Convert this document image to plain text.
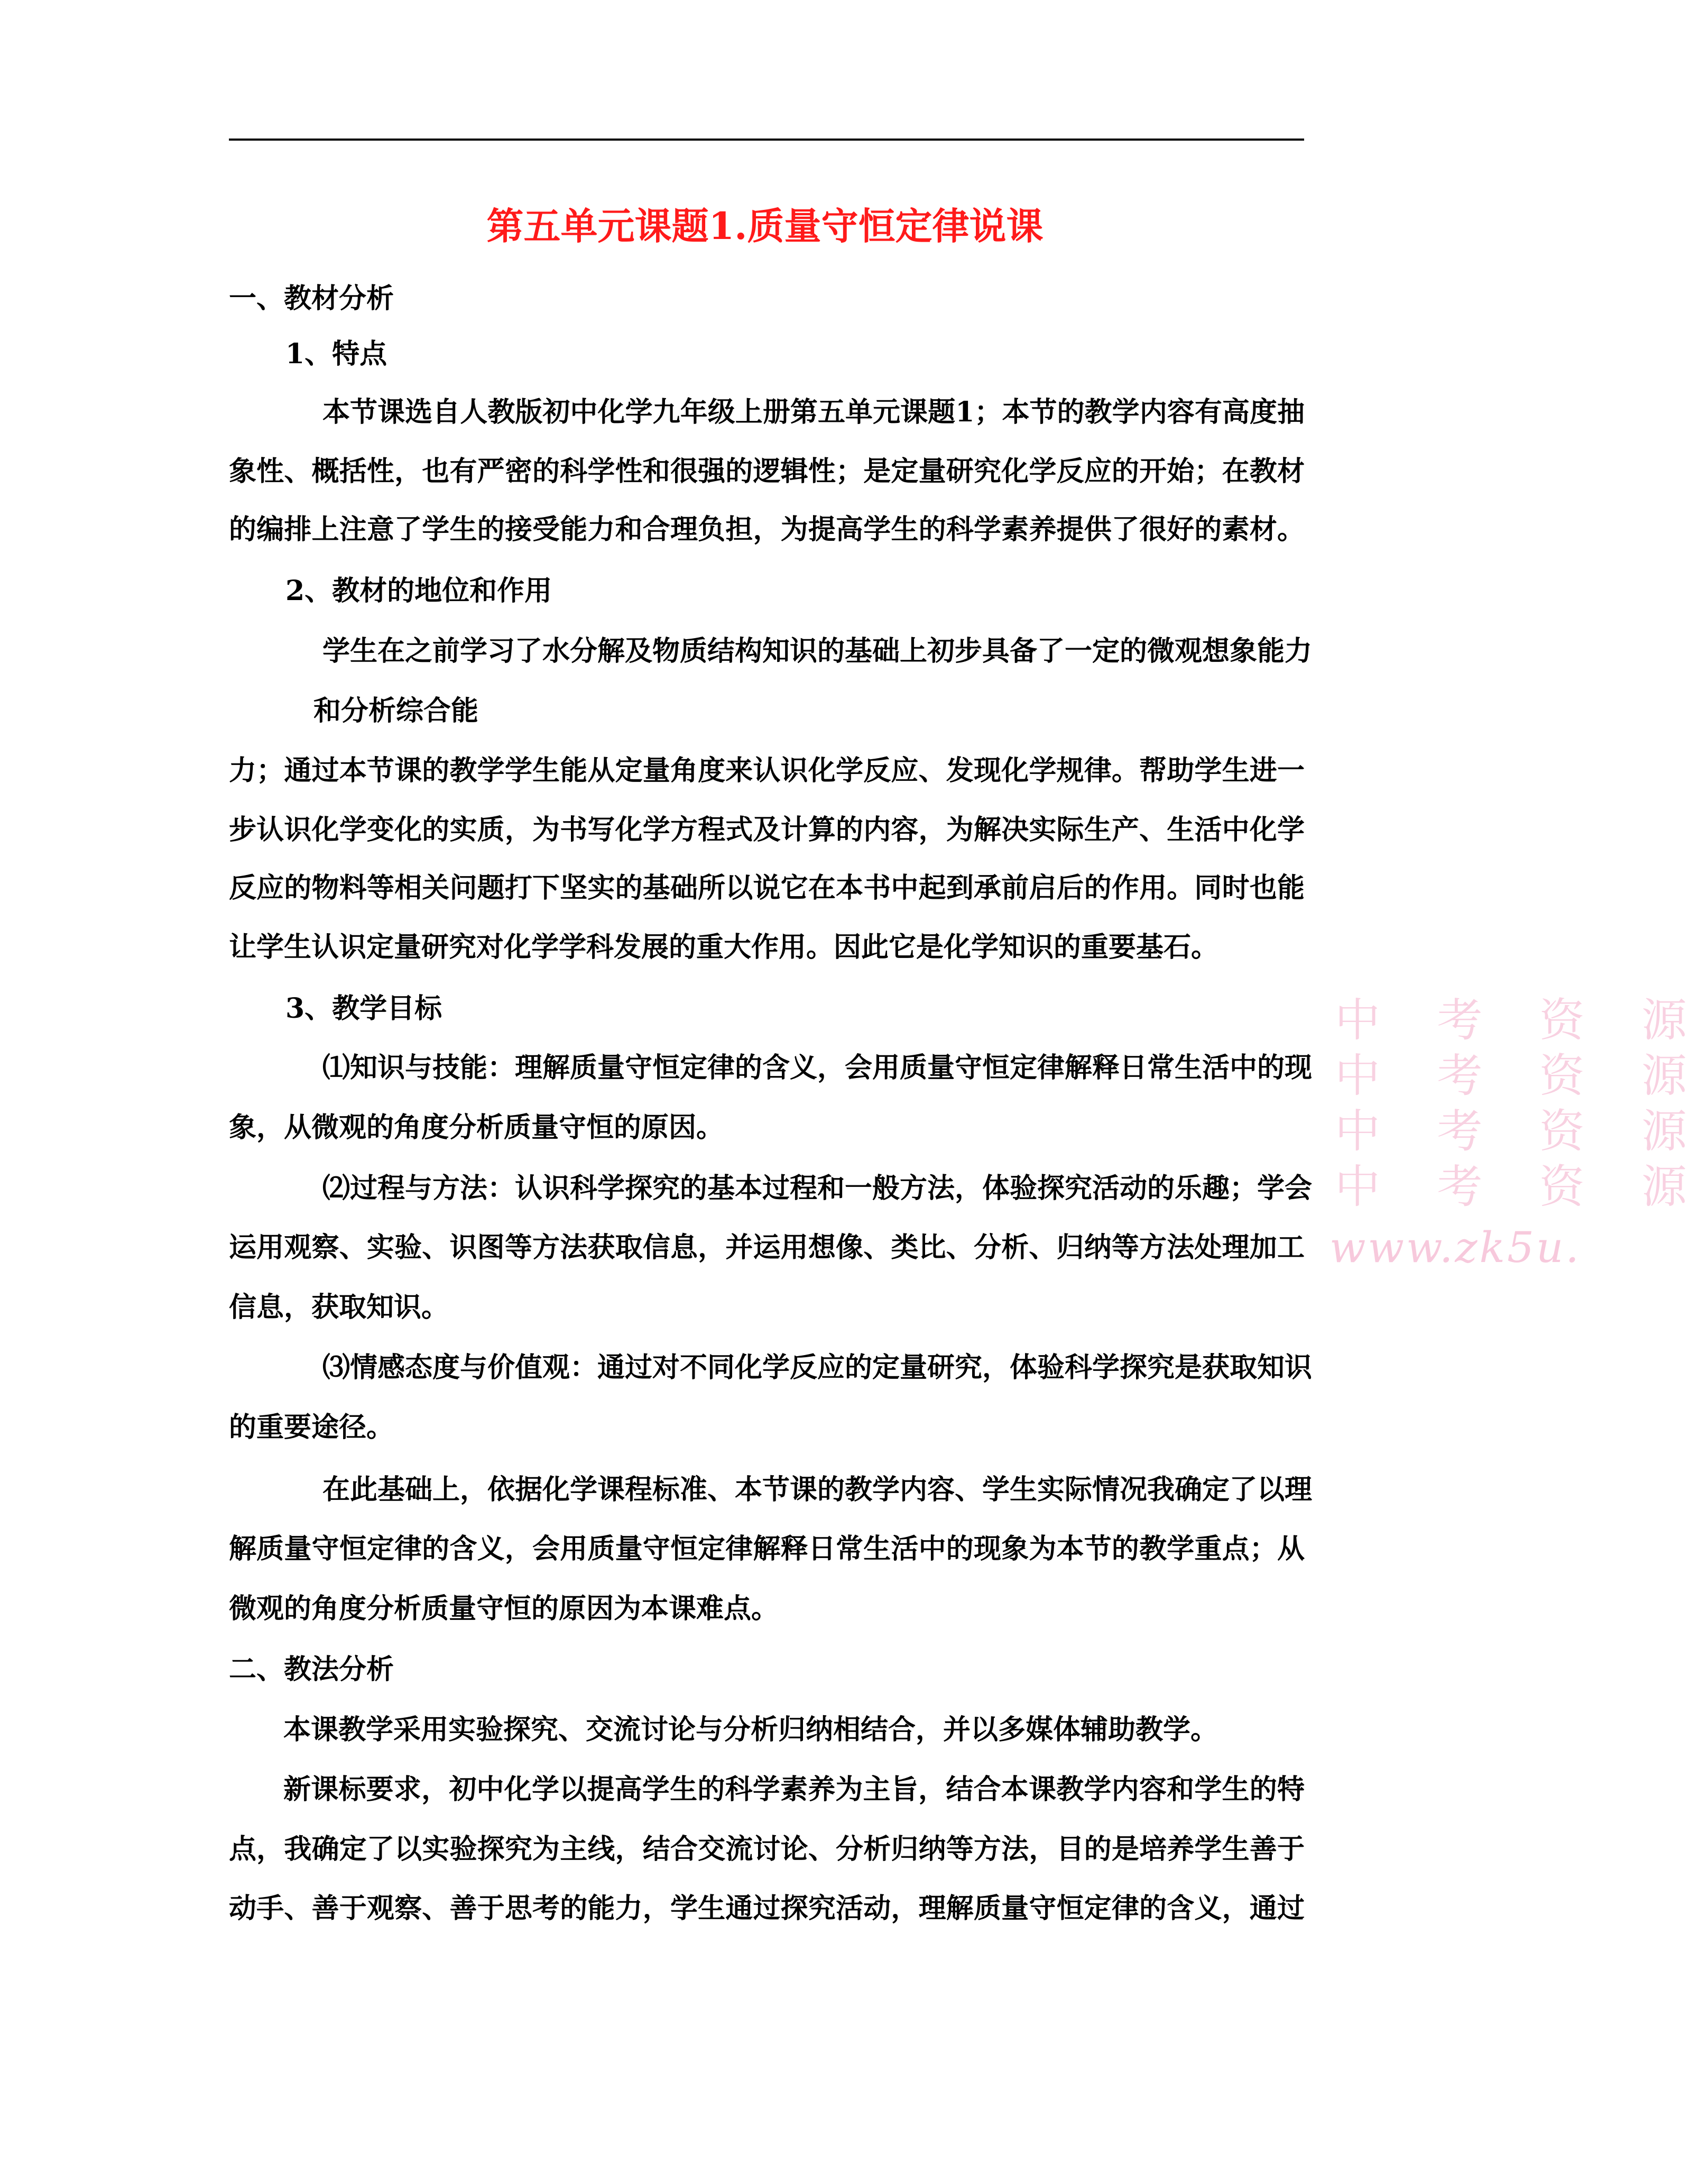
第五单元课题1.质量守恒定律说课
一、教材分析
1、特点
本节课选自人教版初中化学九年级上册第五单元课题1；本节的教学内容有高度抽
象性、概括性，也有严密的科学性和很强的逻辑性；是定量研究化学反应的开始；在教材
的编排上注意了学生的接受能力和合理负担，为提高学生的科学素养提供了很好的素材。
2、教材的地位和作用
学生在之前学习了水分解及物质结构知识的基础上初步具备了一定的微观想象能力
和分析综合能
力；通过本节课的教学学生能从定量角度来认识化学反应、发现化学规律。帮助学生进一
步认识化学变化的实质，为书写化学方程式及计算的内容，为解决实际生产、生活中化学
反应的物料等相关问题打下坚实的基础所以说它在本书中起到承前启后的作用。同时也能
让学生认识定量研究对化学学科发展的重大作用。因此它是化学知识的重要基石。
3、教学目标
⑴知识与技能：理解质量守恒定律的含义，会用质量守恒定律解释日常生活中的现
象，从微观的角度分析质量守恒的原因。
⑵过程与方法：认识科学探究的基本过程和一般方法，体验探究活动的乐趣；学会
运用观察、实验、识图等方法获取信息，并运用想像、类比、分析、归纳等方法处理加工
信息，获取知识。
⑶情感态度与价值观：通过对不同化学反应的定量研究，体验科学探究是获取知识
的重要途径。
在此基础上，依据化学课程标准、本节课的教学内容、学生实际情况我确定了以理
解质量守恒定律的含义，会用质量守恒定律解释日常生活中的现象为本节的教学重点；从
微观的角度分析质量守恒的原因为本课难点。
二、教法分析
本课教学采用实验探究、交流讨论与分析归纳相结合，并以多媒体辅助教学。
新课标要求，初中化学以提高学生的科学素养为主旨，结合本课教学内容和学生的特
点，我确定了以实验探究为主线，结合交流讨论、分析归纳等方法，目的是培养学生善于
动手、善于观察、善于思考的能力，学生通过探究活动，理解质量守恒定律的含义，通过
中 考 资 源
中 考 资 源
中 考 资 源
中 考 资 源
www.zk5u.
